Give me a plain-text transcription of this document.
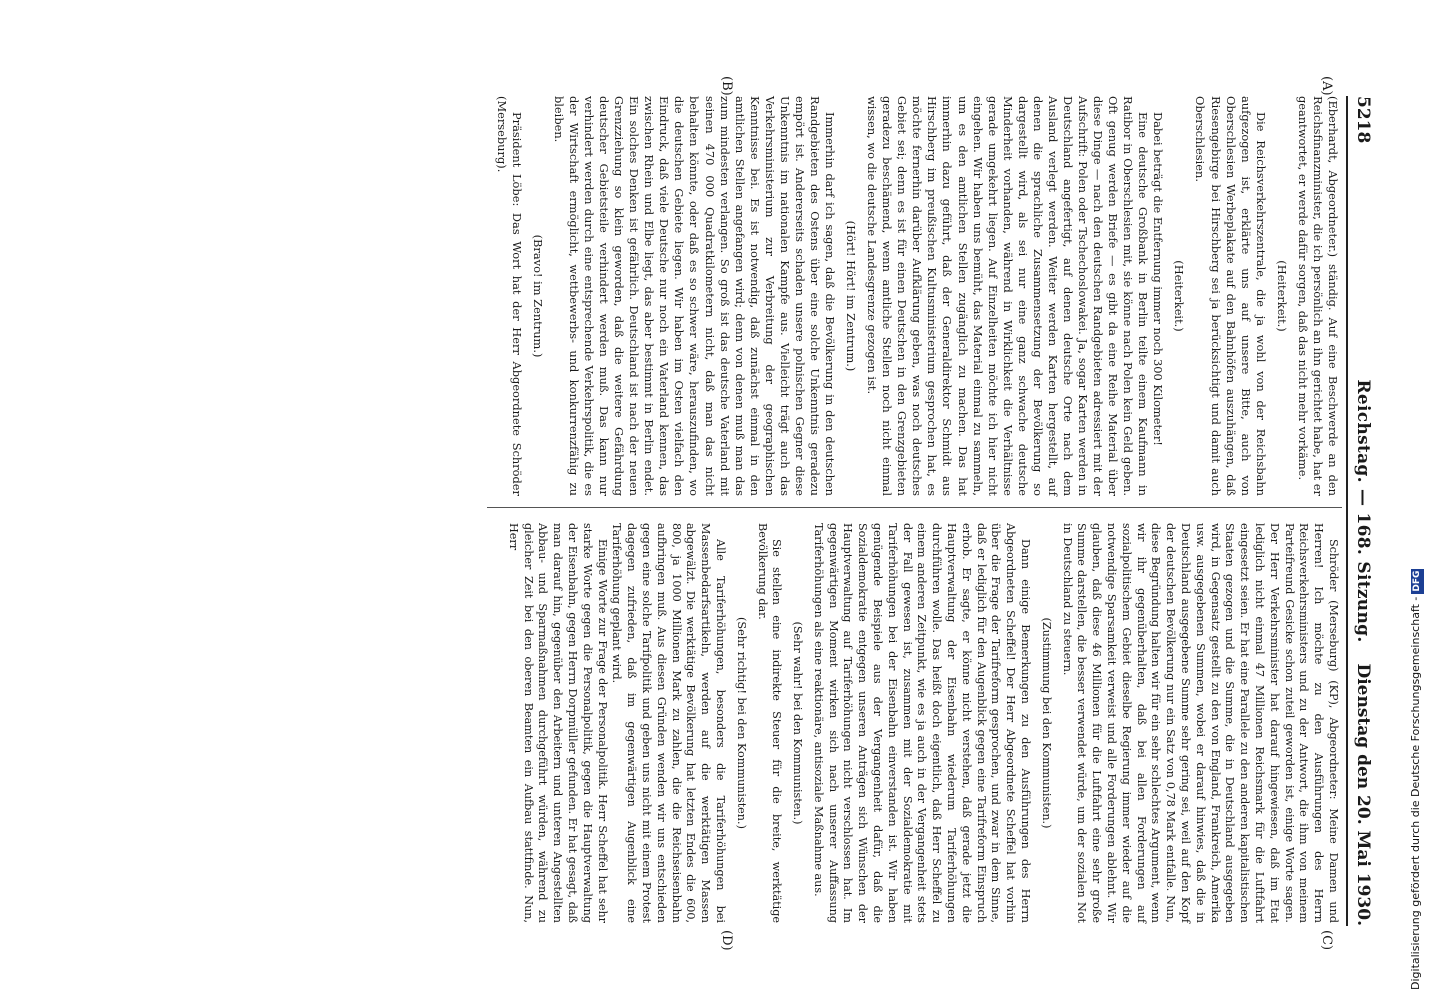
5218
Reichstag. — 168. Sitzung.
Dienstag den 20. Mai 1930.
(A)
(B)
(C)
(D)

(Eberhardt, Abgeordneter.) ständig. Auf eine Beschwerde an den Reichsfinanzminister, die ich persönlich an ihn gerichtet habe, hat er geantwortet, er werde dafür sorgen, daß das nicht mehr vorkäme.

(Heiterkeit.)

Die Reichsverkehrszentrale, die ja wohl von der Reichsbahn aufgezogen ist, erklärte uns auf unsere Bitte, auch von Oberschlesien Werbeplakate auf den Bahnhöfen auszuhängen, daß Riesengebirge bei Hirschberg sei ja berücksichtigt und damit auch Oberschlesien.

(Heiterkeit.)

Dabei beträgt die Entfernung immer noch 300 Kilometer!

Eine deutsche Großbank in Berlin teilte einem Kaufmann in Ratibor in Oberschlesien mit, sie könne nach Polen kein Geld geben. Oft genug werden Briefe — es gibt da eine Reihe Material über diese Dinge — nach den deutschen Randgebieten adressiert mit der Aufschrift: Polen oder Tschechoslowakei. Ja, sogar Karten werden in Deutschland angefertigt, auf denen deutsche Orte nach dem Ausland verlegt werden. Weiter werden Karten hergestellt, auf denen die sprachliche Zusammensetzung der Bevölkerung so dargestellt wird, als sei nur eine ganz schwache deutsche Minderheit vorhanden, während in Wirklichkeit die Verhältnisse gerade umgekehrt liegen. Auf Einzelheiten möchte ich hier nicht eingehen. Wir haben uns bemüht, das Material einmal zu sammeln, um es den amtlichen Stellen zugänglich zu machen. Das hat immerhin dazu geführt, daß der Generaldirektor Schmidt aus Hirschberg im preußischen Kultusministerium gesprochen hat, es möchte fernerhin darüber Aufklärung geben, was noch deutsches Gebiet sei; denn es ist für einen Deutschen in den Grenzgebieten geradezu beschämend, wenn amtliche Stellen noch nicht einmal wissen, wo die deutsche Landesgrenze gezogen ist.

(Hört! Hört! im Zentrum.)

Immerhin darf ich sagen, daß die Bevölkerung in den deutschen Randgebieten des Ostens über eine solche Unkenntnis geradezu empört ist. Andererseits schaden unsere polnischen Gegner diese Unkenntnis im nationalen Kampfe aus. Vielleicht trägt auch das Verkehrsministerium zur Verbreitung der geographischen Kenntnisse bei. Es ist notwendig, daß zunächst einmal in den amtlichen Stellen angefangen wird; denn von denen muß man das zum mindesten verlangen. So groß ist das deutsche Vaterland mit seinen 470 000 Quadratkilometern nicht, daß man das nicht behalten könnte, oder daß es so schwer wäre, herauszufinden, wo die deutschen Gebiete liegen. Wir haben im Osten vielfach den Eindruck, daß viele Deutsche nur noch ein Vaterland kennen, das zwischen Rhein und Elbe liegt, das aber bestimmt in Berlin endet. Ein solches Denken ist gefährlich. Deutschland ist nach der neuen Grenzziehung so klein geworden, daß die weitere Gefährdung deutscher Gebietsteile verhindert werden muß. Das kann nur verhindert werden durch eine entsprechende Verkehrspolitik, die es der Wirtschaft ermöglicht, wettbewerbs- und konkurrenzfähig zu bleiben.

(Bravo! im Zentrum.)

Präsident Löbe: Das Wort hat der Herr Abgeordnete Schröder (Merseburg).

Schröder (Merseburg) (KP), Abgeordneter: Meine Damen und Herren! Ich möchte zu den Ausführungen des Herrn Reichsverkehrsministers und zu der Antwort, die ihm von meinem Parteifreund Gesicke schon zuteil geworden ist, einige Worte sagen. Der Herr Verkehrsminister hat darauf hingewiesen, daß im Etat lediglich nicht einmal 47 Millionen Reichsmark für die Luftfahrt eingesetzt seien. Er hat eine Parallele zu den anderen kapitalistischen Staaten gezogen und die Summe, die in Deutschland ausgegeben wird, in Gegensatz gestellt zu den von England, Frankreich, Amerika usw. ausgegebenen Summen, wobei er darauf hinwies, daß die in Deutschland ausgegebene Summe sehr gering sei, weil auf den Kopf der deutschen Bevölkerung nur ein Satz von 0,78 Mark entfalle. Nun, diese Begründung halten wir für ein sehr schlechtes Argument, wenn wir ihr gegenüberhalten, daß bei allen Forderungen auf sozialpolitischem Gebiet dieselbe Regierung immer wieder auf die notwendige Sparsamkeit verweist und alle Forderungen ablehnt. Wir glauben, daß diese 46 Millionen für die Luftfahrt eine sehr große Summe darstellen, die besser verwendet würde, um der sozialen Not in Deutschland zu steuern.

(Zustimmung bei den Kommunisten.)

Dann einige Bemerkungen zu den Ausführungen des Herrn Abgeordneten Scheffel! Der Herr Abgeordnete Scheffel hat vorhin über die Frage der Tarifreform gesprochen, und zwar in dem Sinne, daß er lediglich für den Augenblick gegen eine Tarifreform Einspruch erhob. Er sagte, er könne nicht verstehen, daß gerade jetzt die Hauptverwaltung der Eisenbahn wiederum Tariferhöhungen durchführen wolle. Das heißt doch eigentlich, daß Herr Scheffel zu einem anderen Zeitpunkt, wie es ja auch in der Vergangenheit stets der Fall gewesen ist, zusammen mit der Sozialdemokratie mit Tariferhöhungen bei der Eisenbahn einverstanden ist. Wir haben genügende Beispiele aus der Vergangenheit dafür, daß die Sozialdemokratie entgegen unseren Anträgen sich Wünschen der Hauptverwaltung auf Tariferhöhungen nicht verschlossen hat. Im gegenwärtigen Moment wirken sich nach unserer Auffassung Tariferhöhungen als eine reaktionäre, antisoziale Maßnahme aus.

(Sehr wahr! bei den Kommunisten.)

Sie stellen eine indirekte Steuer für die breite, werktätige Bevölkerung dar.

(Sehr richtig! bei den Kommunisten.)

Alle Tariferhöhungen, besonders die Tariferhöhungen bei Massenbedarfsartikeln, werden auf die werktätigen Massen abgewälzt. Die werktätige Bevölkerung hat letzten Endes die 600, 800, ja 1000 Millionen Mark zu zahlen, die die Reichseisenbahn aufbringen muß. Aus diesen Gründen wenden wir uns entschieden gegen eine solche Tarifpolitik und geben uns nicht mit einem Protest dagegen zufrieden, daß im gegenwärtigen Augenblick eine Tariferhöhung geplant wird.

Einige Worte zur Frage der Personalpolitik. Herr Scheffel hat sehr starke Worte gegen die Personalpolitik, gegen die Hauptverwaltung der Eisenbahn, gegen Herrn Dorpmüller gefunden. Er hat gesagt, daß man darauf hin, gegenüber den Arbeitern und unteren Angestellten Abbau- und Sparmaßnahmen durchgeführt würden, während zu gleicher Zeit bei den oberen Beamten ein Aufbau stattfinde. Nun, Herr

Digitalisierung gefördert durch die Deutsche Forschungsgemeinschaft -DFG
